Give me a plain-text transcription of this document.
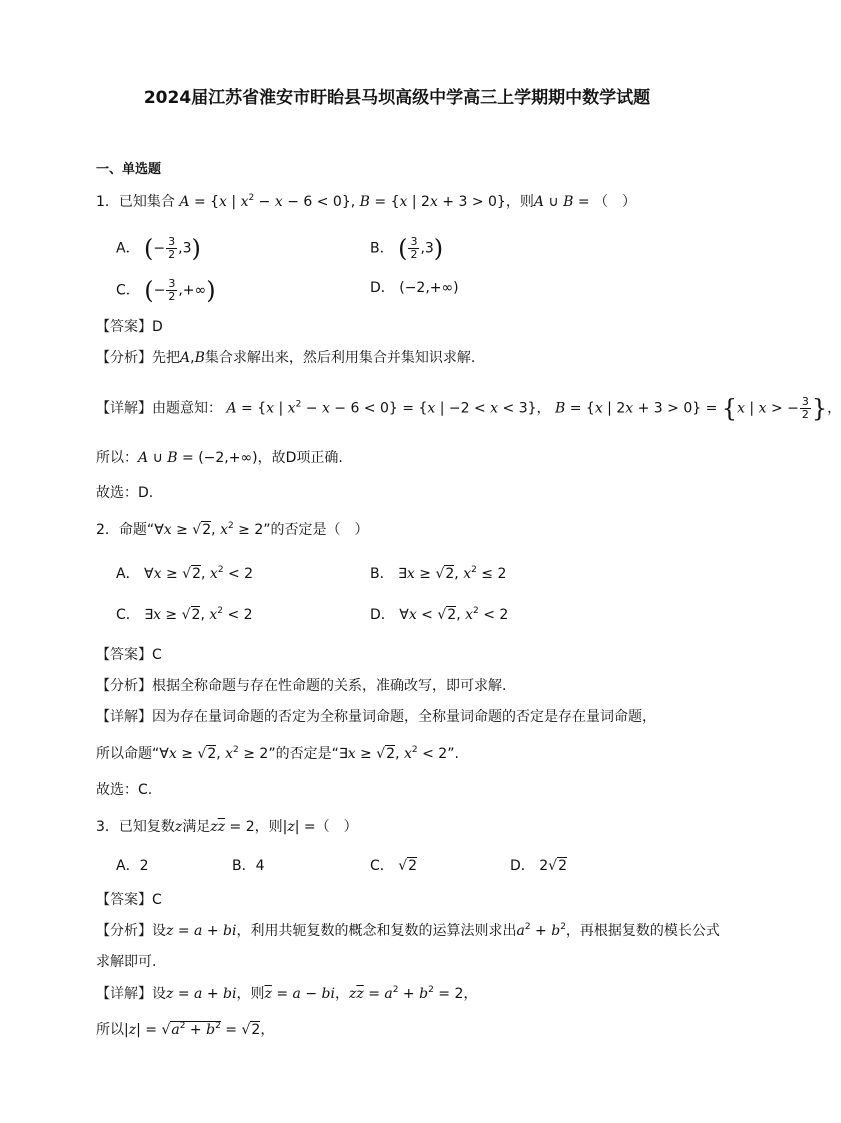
2024届江苏省淮安市盱眙县马坝高级中学高三上学期期中数学试题
一、单选题
1．已知集合 A = {x | $x^2 - x - 6 < 0$}, B = {x | 2x + 3 > 0}，则A ∪ B = （　）
A． (− $\frac{3}{2} ,3$)	B． ( $\frac{3}{2} ,3$)
C． (− $\frac{3}{2}$ ,+∞)	D． (−2,+∞)
【答案】D
【分析】先把A,B集合求解出来，然后利用集合并集知识求解.
【详解】由题意知： A = {x | $x^2 - x - 6 < 0\} = \{x$ | −2 < x < 3}， B = {x | 2x + 3 > 0} = {x | x > − $\frac{3}{2}$ }，
所以：A ∪ B = (−2,+∞)，故D项正确.
故选：D.
2．命题“∀x ≥ √2, $x^2 \ge 2$”的否定是（　）
A． ∀x ≥ √2, $x^2 < 2$	B． ∃x ≥ √2, $x^2 \le 2$
C． ∃x ≥ √2, $x^2 < 2$	D． ∀x < √2, $x^2 < 2$
【答案】C
【分析】根据全称命题与存在性命题的关系，准确改写，即可求解.
【详解】因为存在量词命题的否定为全称量词命题，全称量词命题的否定是存在量词命题，
所以命题“∀x ≥ √2, $x^2 \ge 2$”的否定是“∃x ≥ √2, $x^2 < 2$”.
故选：C.
3．已知复数z满足$z\overline{z} = 2$，则|z| =（　）
A．2	B．4	C． √2	D． 2√2
【答案】C
【分析】设z = a + bi，利用共轭复数的概念和复数的运算法则求出$a^2 + b^2$，再根据复数的模长公式
求解即可.
【详解】设z = a + bi，则$\overline{z} = a$ − bi，$z\overline{z} = a^2 + b^2 = 2$，
所以$|z| = √a^2 + b^2 = √2$，
